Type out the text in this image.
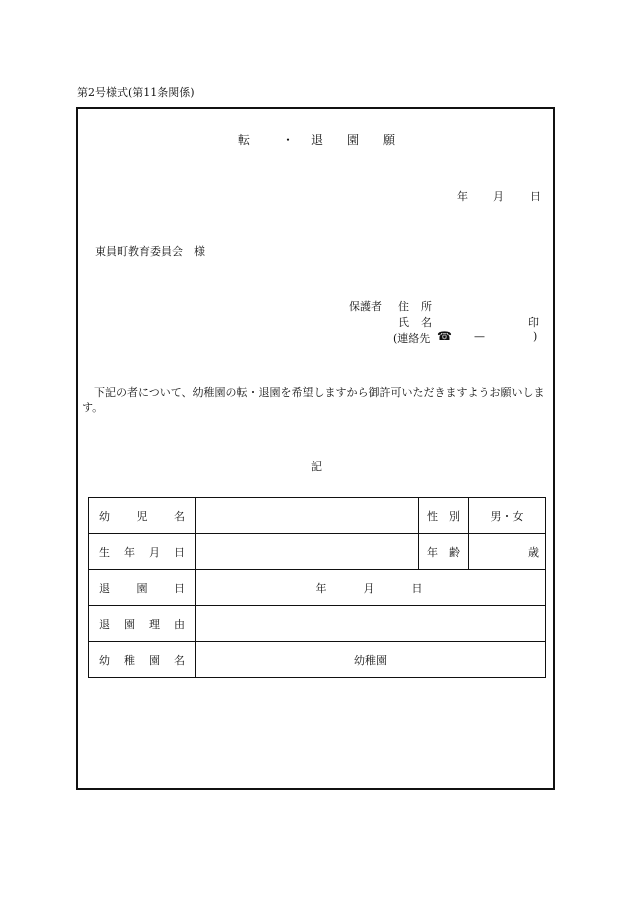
第2号様式(第11条関係)
転	・ 退 園 願
年 月 日
東員町教育委員会　様
保護者 住 所
氏 名	印
(連絡先 ☎ —	)
下記の者について、幼稚園の転・退園を希望しますから御許可いただきますようお願いします。
記
幼 児 名		性 別	男・女

生 年 月 日		年 齢	歳

退 園 日	年 月 日		

退 園 理 由			

幼 稚 園 名	幼稚園		
